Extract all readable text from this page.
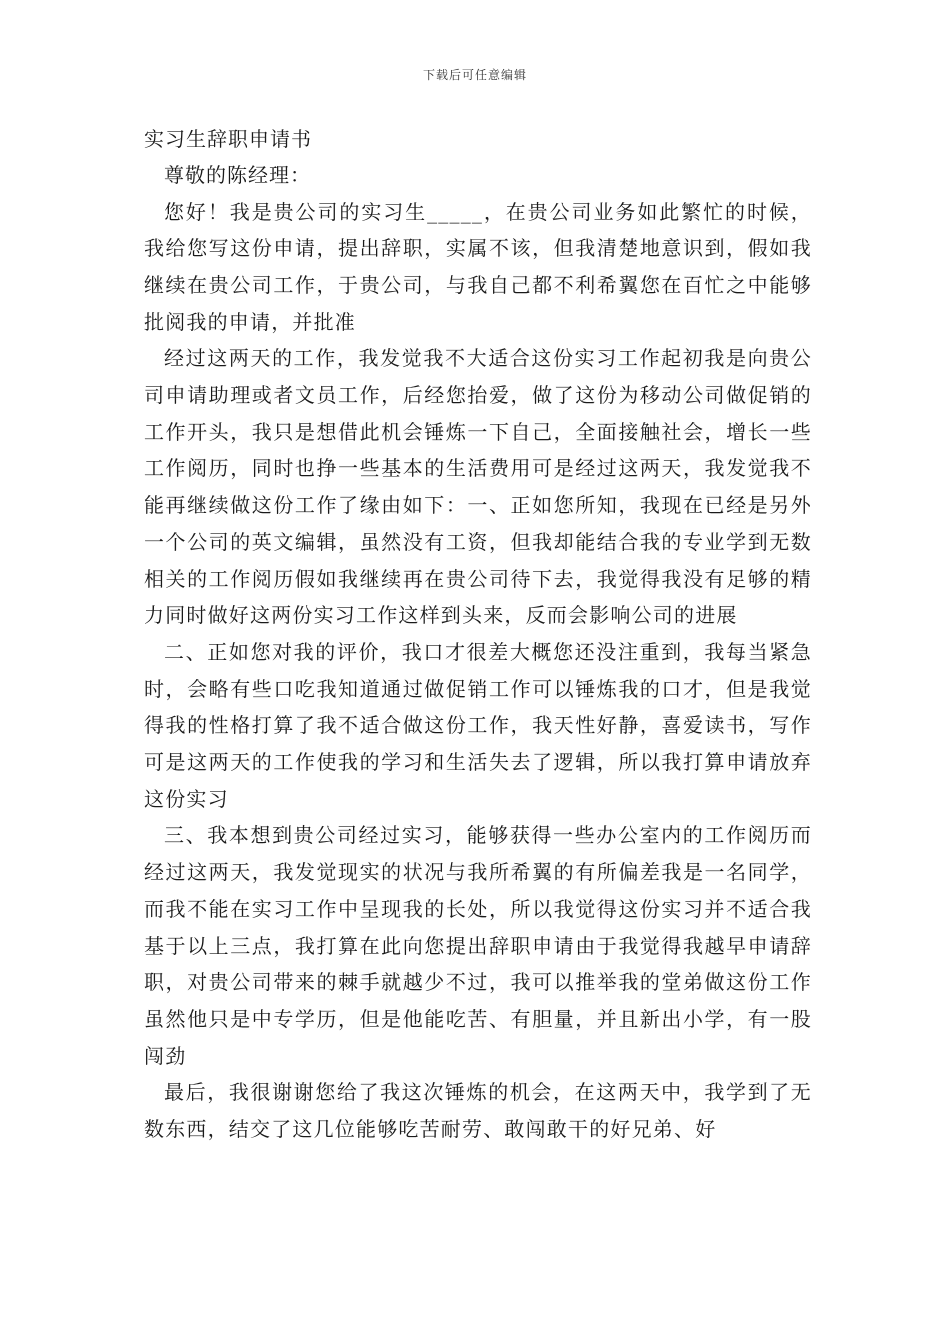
下载后可任意编辑
实习生辞职申请书

尊敬的陈经理：

您好！我是贵公司的实习生_____，在贵公司业务如此繁忙的时候，我给您写这份申请，提出辞职，实属不该，但我清楚地意识到，假如我继续在贵公司工作，于贵公司，与我自己都不利希翼您在百忙之中能够批阅我的申请，并批准

经过这两天的工作，我发觉我不大适合这份实习工作起初我是向贵公司申请助理或者文员工作，后经您抬爱，做了这份为移动公司做促销的工作开头，我只是想借此机会锤炼一下自己，全面接触社会，增长一些工作阅历，同时也挣一些基本的生活费用可是经过这两天，我发觉我不能再继续做这份工作了缘由如下：一、正如您所知，我现在已经是另外一个公司的英文编辑，虽然没有工资，但我却能结合我的专业学到无数相关的工作阅历假如我继续再在贵公司待下去，我觉得我没有足够的精力同时做好这两份实习工作这样到头来，反而会影响公司的进展

二、正如您对我的评价，我口才很差大概您还没注重到，我每当紧急时，会略有些口吃我知道通过做促销工作可以锤炼我的口才，但是我觉得我的性格打算了我不适合做这份工作，我天性好静，喜爱读书，写作可是这两天的工作使我的学习和生活失去了逻辑，所以我打算申请放弃这份实习

三、我本想到贵公司经过实习，能够获得一些办公室内的工作阅历而经过这两天，我发觉现实的状况与我所希翼的有所偏差我是一名同学，而我不能在实习工作中呈现我的长处，所以我觉得这份实习并不适合我基于以上三点，我打算在此向您提出辞职申请由于我觉得我越早申请辞职，对贵公司带来的棘手就越少不过，我可以推举我的堂弟做这份工作虽然他只是中专学历，但是他能吃苦、有胆量，并且新出小学，有一股闯劲

最后，我很谢谢您给了我这次锤炼的机会，在这两天中，我学到了无数东西，结交了这几位能够吃苦耐劳、敢闯敢干的好兄弟、好
